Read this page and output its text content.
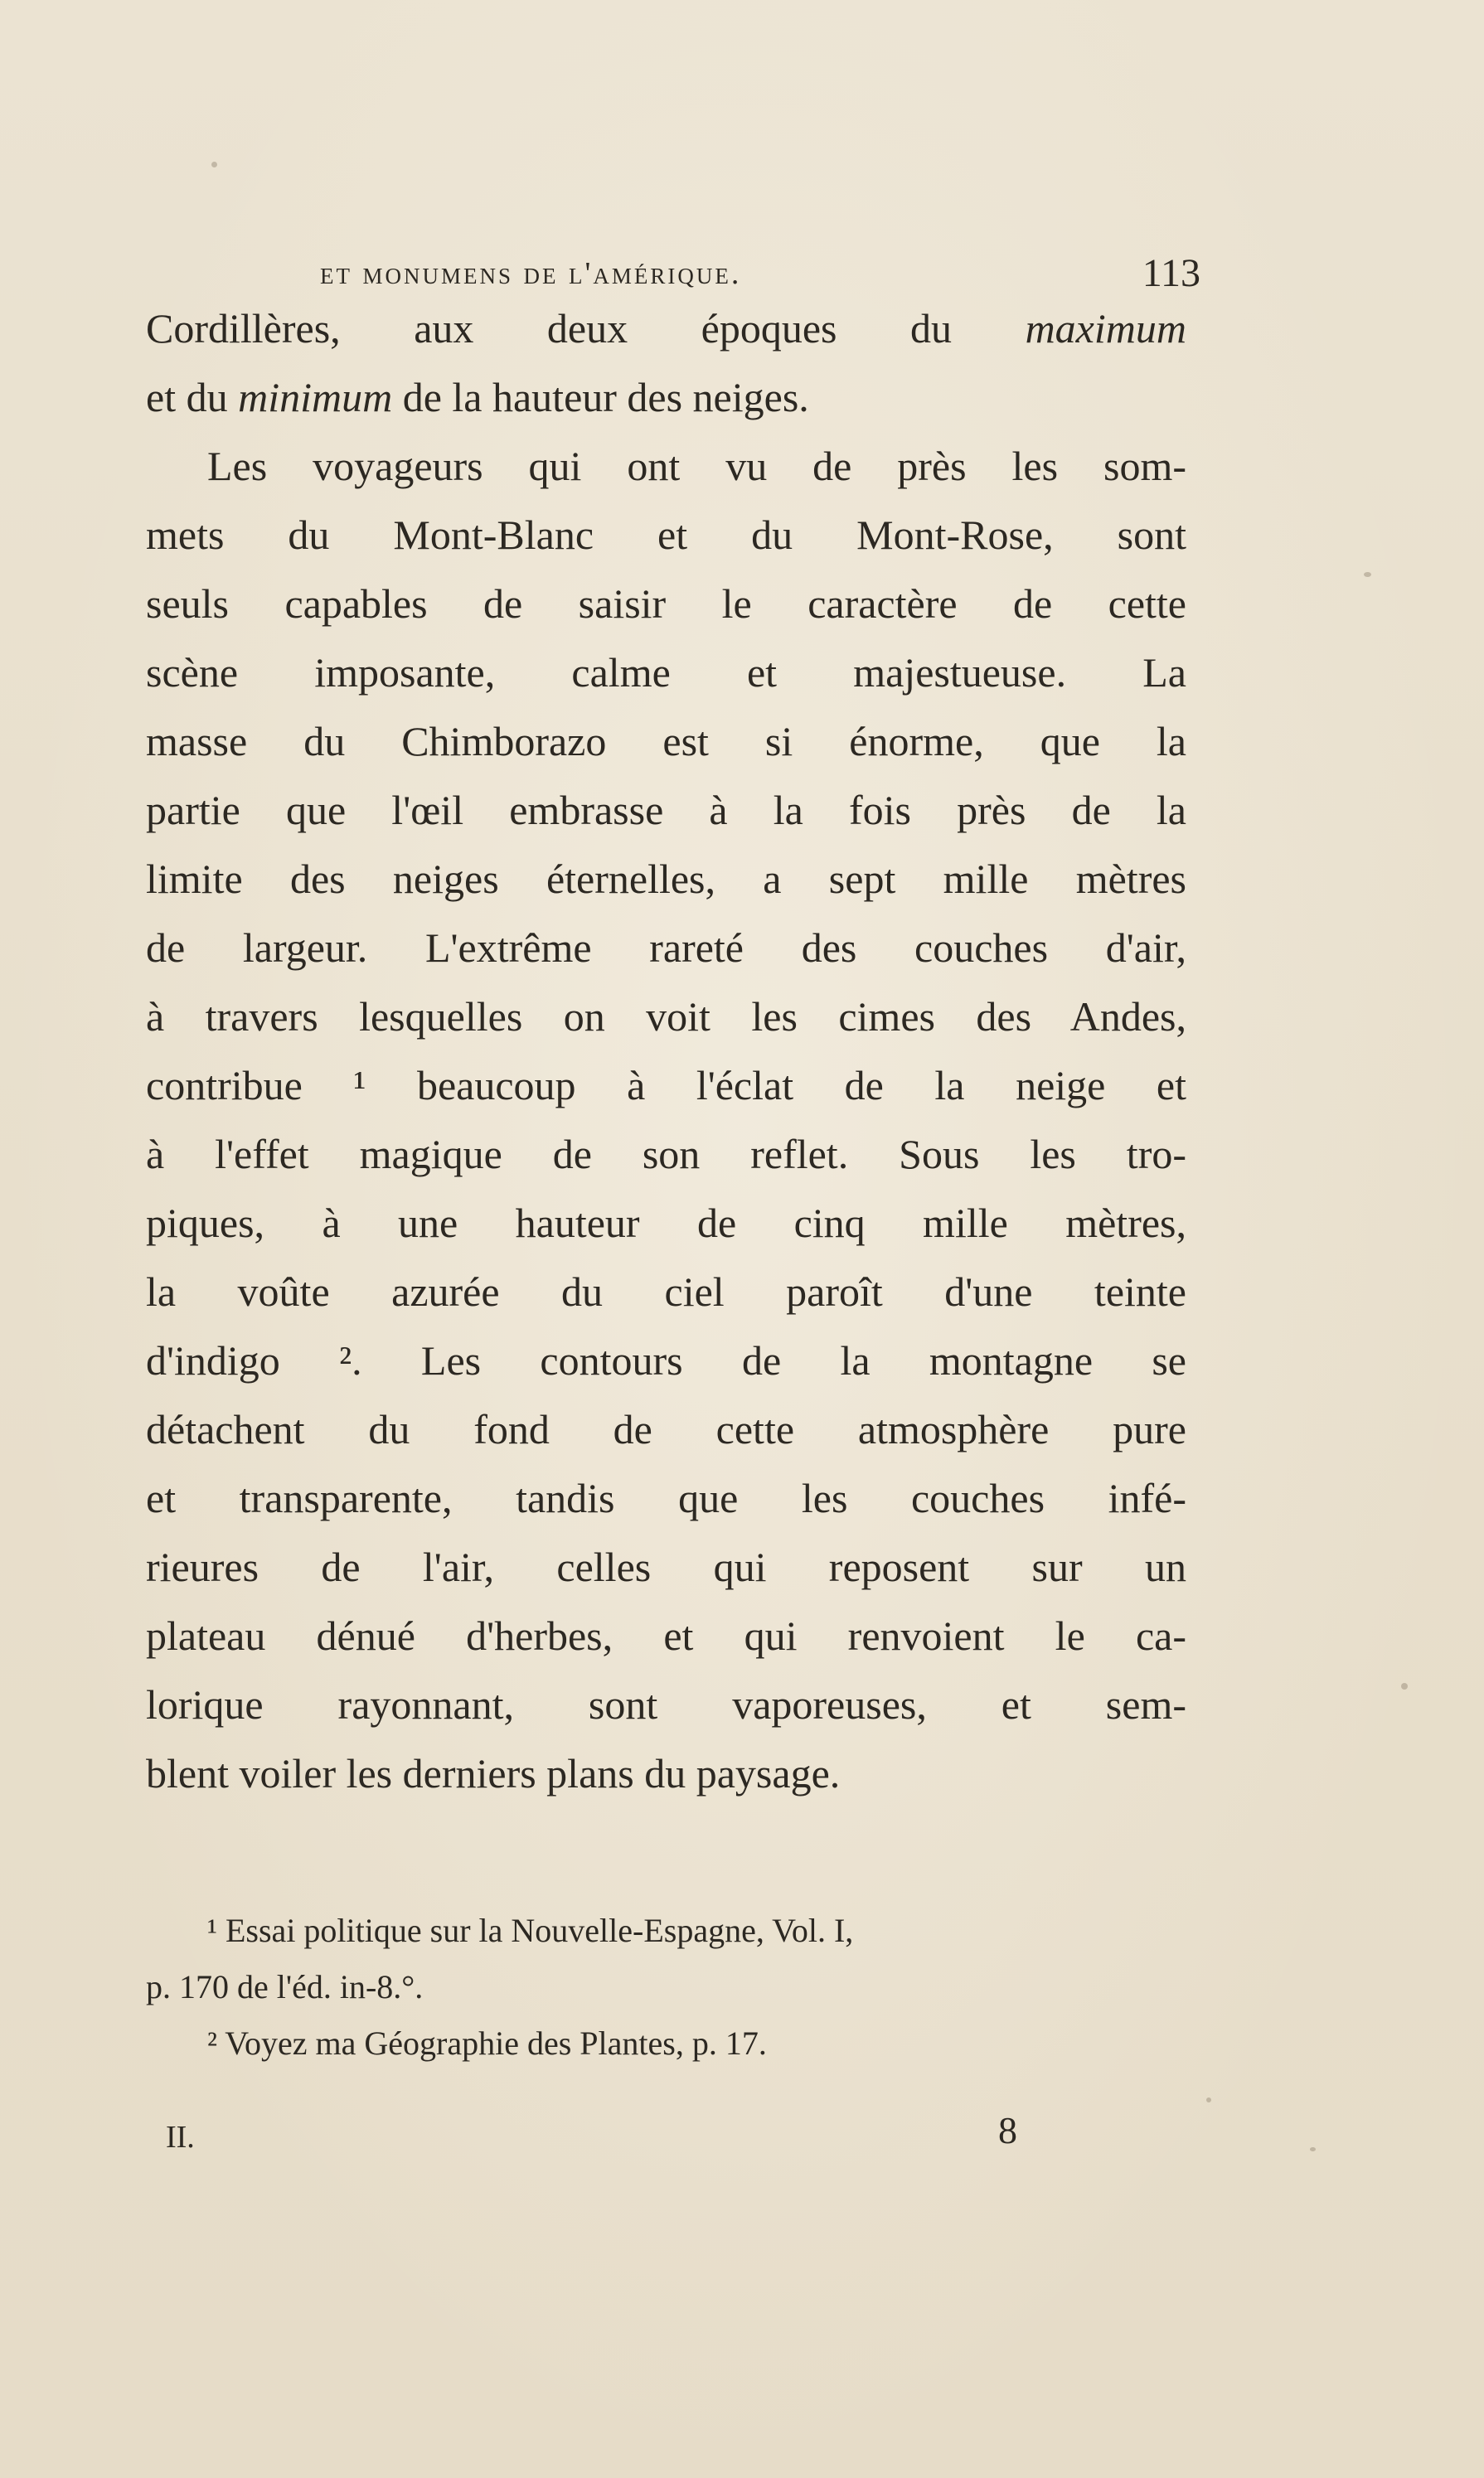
et monumens de l'amérique.	113
Cordillères, aux deux époques du maximum
et du minimum de la hauteur des neiges.
Les voyageurs qui ont vu de près les som-
mets du Mont-Blanc et du Mont-Rose, sont
seuls capables de saisir le caractère de cette
scène imposante, calme et majestueuse. La
masse du Chimborazo est si énorme, que la
partie que l'œil embrasse à la fois près de la
limite des neiges éternelles, a sept mille mètres
de largeur. L'extrême rareté des couches d'air,
à travers lesquelles on voit les cimes des Andes,
contribue ¹ beaucoup à l'éclat de la neige et
à l'effet magique de son reflet. Sous les tro-
piques, à une hauteur de cinq mille mètres,
la voûte azurée du ciel paroît d'une teinte
d'indigo ². Les contours de la montagne se
détachent du fond de cette atmosphère pure
et transparente, tandis que les couches infé-
rieures de l'air, celles qui reposent sur un
plateau dénué d'herbes, et qui renvoient le ca-
lorique rayonnant, sont vaporeuses, et sem-
blent voiler les derniers plans du paysage.
¹ Essai politique sur la Nouvelle-Espagne, Vol. I,
p. 170 de l'éd. in-8.°.
² Voyez ma Géographie des Plantes, p. 17.
II.	8
